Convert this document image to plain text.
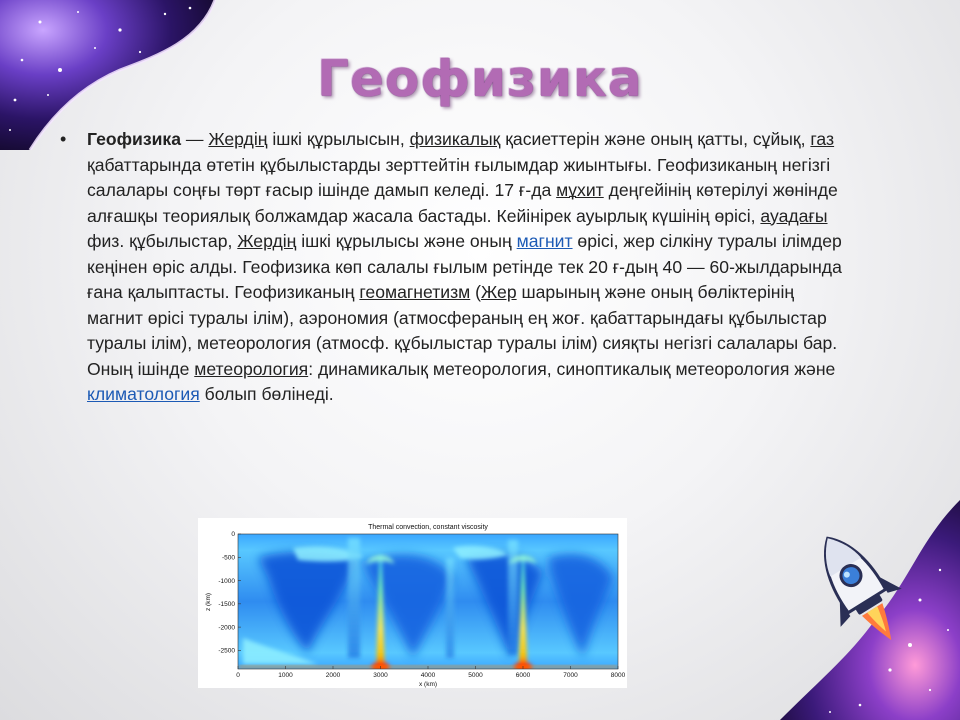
Геофизика
• Геофизика — Жердің ішкі құрылысын, физикалық қасиеттерін және оның қатты, сұйық, газ қабаттарында өтетін құбылыстарды зерттейтін ғылымдар жиынтығы. Геофизиканың негізгі салалары соңғы төрт ғасыр ішінде дамып келеді. 17 ғ-да мұхит деңгейінің көтерілуі жөнінде алғашқы теориялық болжамдар жасала бастады. Кейінірек ауырлық күшінің өрісі, ауадағы физ. құбылыстар, Жердің ішкі құрылысы және оның магнит өрісі, жер сілкіну туралы ілімдер кеңінен өріс алды. Геофизика көп салалы ғылым ретінде тек 20 ғ-дың 40 — 60-жылдарында ғана қалыптасты. Геофизиканың геомагнетизм (Жер шарының және оның бөліктерінің магнит өрісі туралы ілім), аэрономия (атмосфераның ең жоғ. қабаттарындағы құбылыстар туралы ілім), метеорология (атмосф. құбылыстар туралы ілім) сияқты негізгі салалары бар. Оның ішінде метеорология: динамикалық метеорология, синоптикалық метеорология және климатология болып бөлінеді.
Thermal convection, constant viscosity
0
-500
-1000
-1500
-2000
-2500
0	1000	2000	3000	4000	5000	6000	7000	8000
z (km)
x (km)
